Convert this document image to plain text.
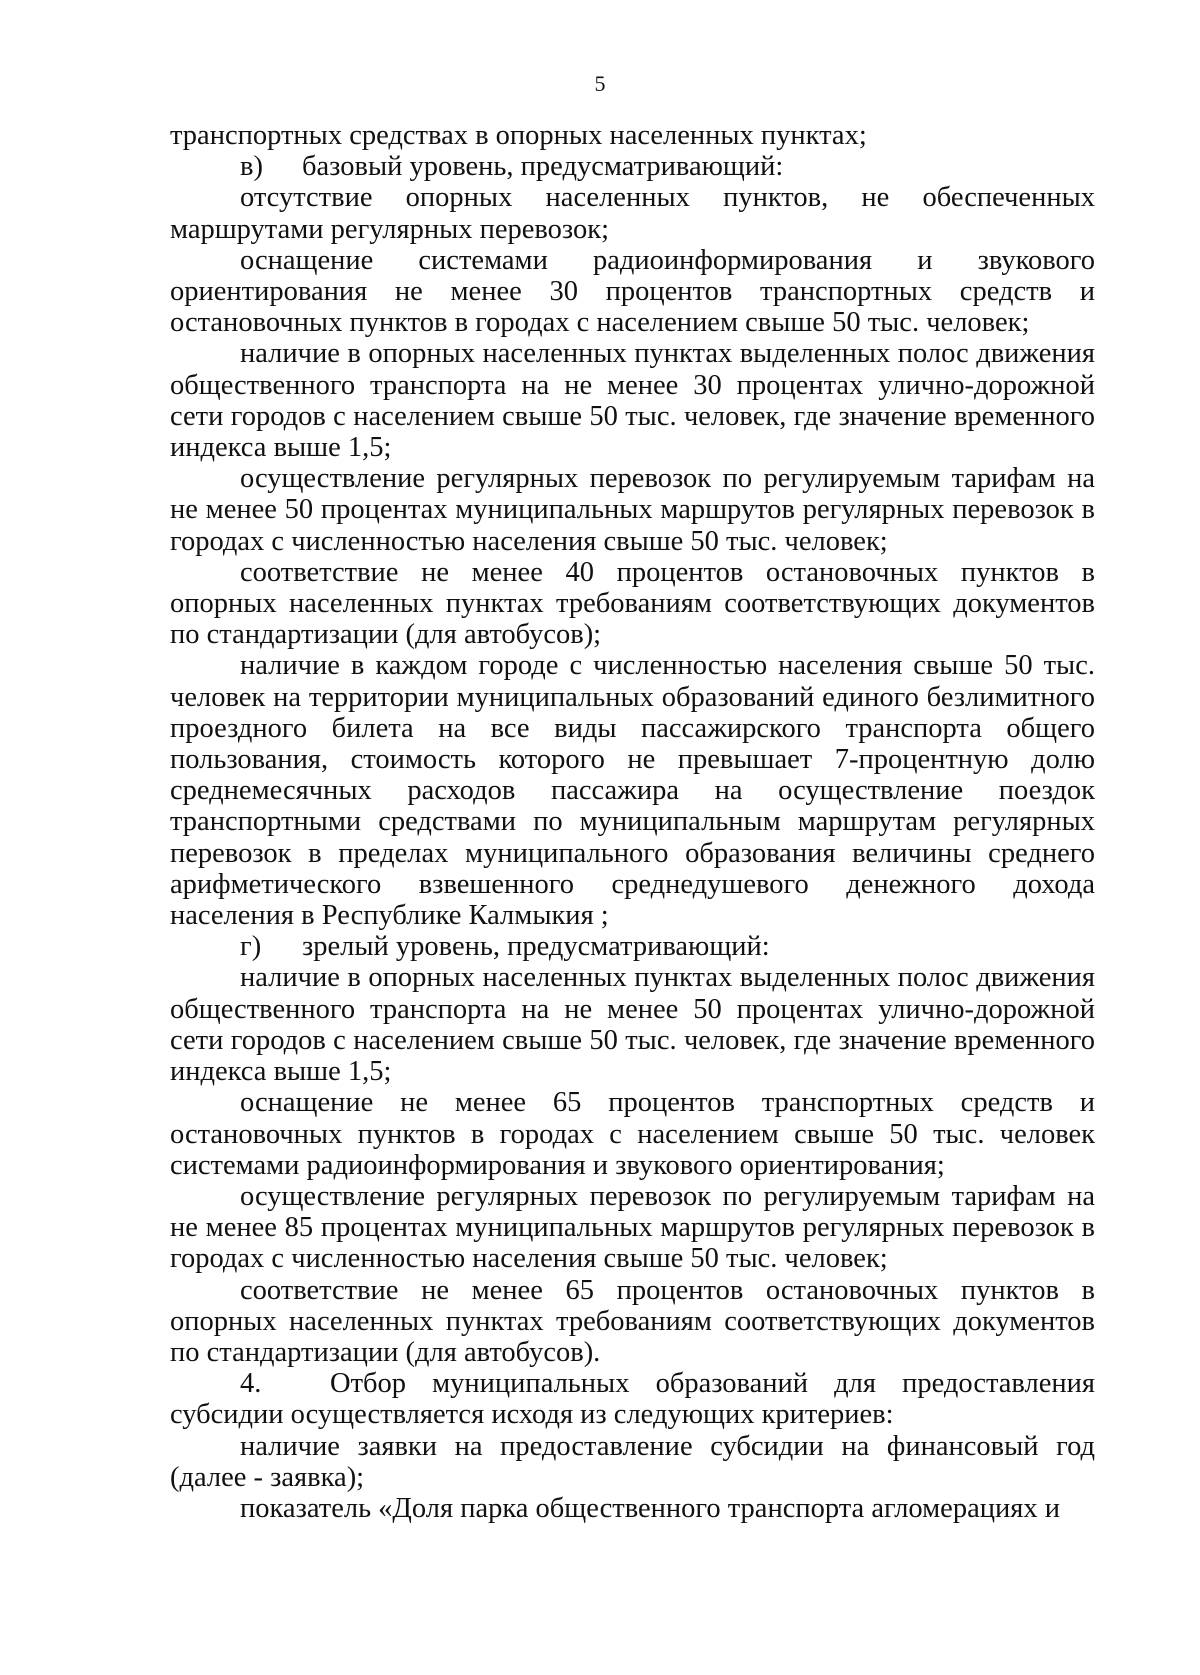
5

транспортных средствах в опорных населенных пунктах;

в) базовый уровень, предусматривающий:

отсутствие опорных населенных пунктов, не обеспеченных маршрутами регулярных перевозок;

оснащение системами радиоинформирования и звукового ориентирования не менее 30 процентов транспортных средств и остановочных пунктов в городах с населением свыше 50 тыс. человек;

наличие в опорных населенных пунктах выделенных полос движения общественного транспорта на не менее 30 процентах улично-дорожной сети городов с населением свыше 50 тыс. человек, где значение временного индекса выше 1,5;

осуществление регулярных перевозок по регулируемым тарифам на не менее 50 процентах муниципальных маршрутов регулярных перевозок в городах с численностью населения свыше 50 тыс. человек;

соответствие не менее 40 процентов остановочных пунктов в опорных населенных пунктах требованиям соответствующих документов по стандартизации (для автобусов);

наличие в каждом городе с численностью населения свыше 50 тыс. человек на территории муниципальных образований единого безлимитного проездного билета на все виды пассажирского транспорта общего пользования, стоимость которого не превышает 7-процентную долю среднемесячных расходов пассажира на осуществление поездок транспортными средствами по муниципальным маршрутам регулярных перевозок в пределах муниципального образования величины среднего арифметического взвешенного среднедушевого денежного дохода населения в Республике Калмыкия ;

г) зрелый уровень, предусматривающий:

наличие в опорных населенных пунктах выделенных полос движения общественного транспорта на не менее 50 процентах улично-дорожной сети городов с населением свыше 50 тыс. человек, где значение временного индекса выше 1,5;

оснащение не менее 65 процентов транспортных средств и остановочных пунктов в городах с населением свыше 50 тыс. человек системами радиоинформирования и звукового ориентирования;

осуществление регулярных перевозок по регулируемым тарифам на не менее 85 процентах муниципальных маршрутов регулярных перевозок в городах с численностью населения свыше 50 тыс. человек;

соответствие не менее 65 процентов остановочных пунктов в опорных населенных пунктах требованиям соответствующих документов по стандартизации (для автобусов).

4. Отбор муниципальных образований для предоставления субсидии осуществляется исходя из следующих критериев:

наличие заявки на предоставление субсидии на финансовый год (далее - заявка);

показатель «Доля парка общественного транспорта агломерациях и
